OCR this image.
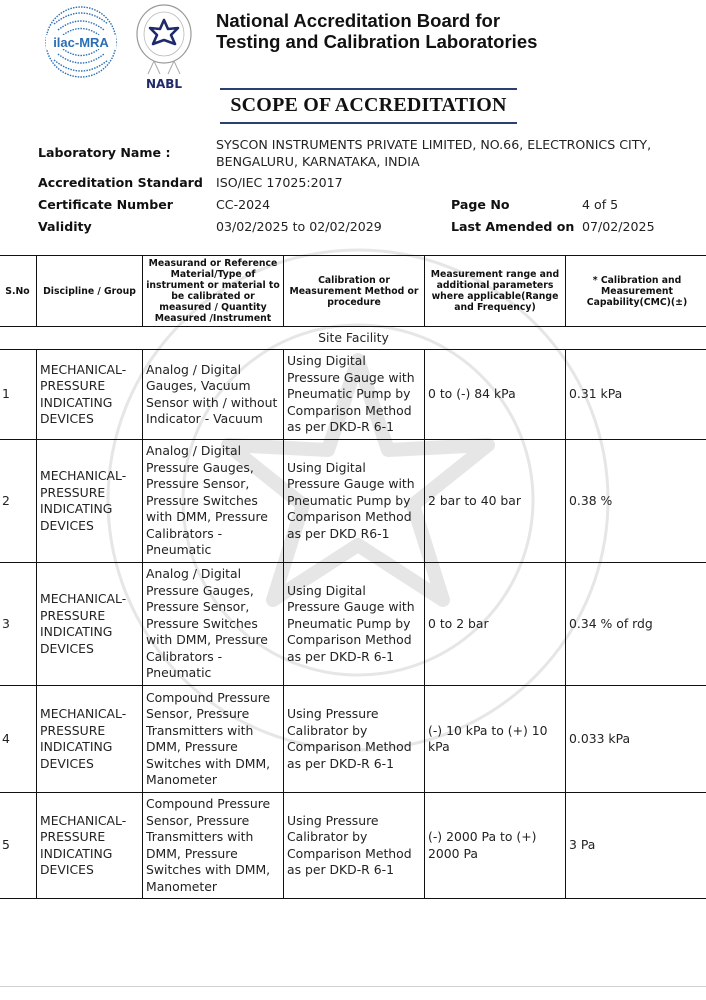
ilac-MRA
NABL
National Accreditation Board for
Testing and Calibration Laboratories
SCOPE OF ACCREDITATION
Laboratory Name :
SYSCON INSTRUMENTS PRIVATE LIMITED, NO.66, ELECTRONICS CITY,
BENGALURU, KARNATAKA, INDIA
Accreditation Standard ISO/IEC 17025:2017
Certificate Number	CC-2024	Page No	4 of 5
Validity	03/02/2025 to 02/02/2029	Last Amended on 07/02/2025
S.No	Discipline / Group	Measurand or Reference Material/Type of instrument or material to be calibrated or measured / Quantity Measured /Instrument	Calibration or Measurement Method or procedure	Measurement range and additional parameters where applicable(Range and Frequency)	* Calibration and Measurement Capability(CMC)(±)
Site Facility					
1	MECHANICAL- PRESSURE INDICATING DEVICES	Analog / Digital Gauges, Vacuum Sensor with / without Indicator - Vacuum	Using Digital Pressure Gauge with Pneumatic Pump by Comparison Method as per DKD-R 6-1	0 to (-) 84 kPa	0.31 kPa
2	MECHANICAL- PRESSURE INDICATING DEVICES	Analog / Digital Pressure Gauges, Pressure Sensor, Pressure Switches with DMM, Pressure Calibrators - Pneumatic	Using Digital Pressure Gauge with Pneumatic Pump by Comparison Method as per DKD R6-1	2 bar to 40 bar	0.38 %
3	MECHANICAL- PRESSURE INDICATING DEVICES	Analog / Digital Pressure Gauges, Pressure Sensor, Pressure Switches with DMM, Pressure Calibrators - Pneumatic	Using Digital Pressure Gauge with Pneumatic Pump by Comparison Method as per DKD-R 6-1	0 to 2 bar	0.34 % of rdg
4	MECHANICAL- PRESSURE INDICATING DEVICES	Compound Pressure Sensor, Pressure Transmitters with DMM, Pressure Switches with DMM, Manometer	Using Pressure Calibrator by Comparison Method as per DKD-R 6-1	(-) 10 kPa to (+) 10 kPa	0.033 kPa
5	MECHANICAL- PRESSURE INDICATING DEVICES	Compound Pressure Sensor, Pressure Transmitters with DMM, Pressure Switches with DMM, Manometer	Using Pressure Calibrator by Comparison Method as per DKD-R 6-1	(-) 2000 Pa to (+) 2000 Pa	3 Pa
